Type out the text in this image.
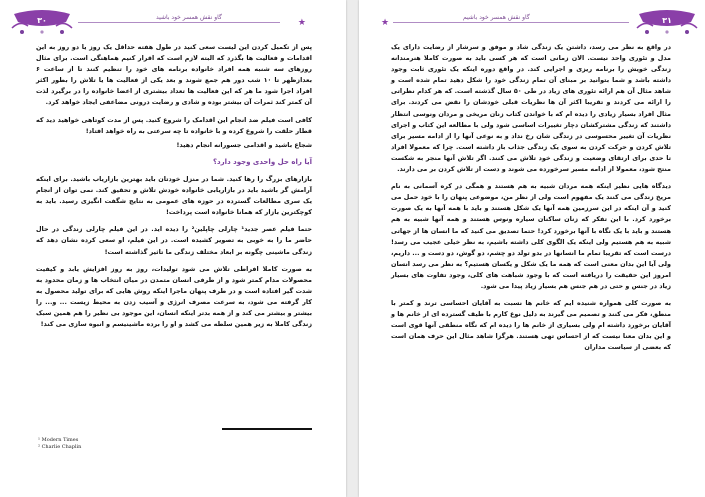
۳۰	گاو نقش همسر خود باشید
★

پس از تکمیل کردن این لیست سعی کنید در طول هفته حداقل یک روز یا دو روز به این اقدامات و فعالیت ها بگذرد که البته لازم است که اقرار کنیم هماهنگی است. برای مثال روزهای سه شنبه همه افراد خانواده برنامه های خود را تنظیم کنند تا از ساعت ۶ بعدازظهر تا ۱۰ شب دور هم جمع شوند و بعد یکی از فعالیت ها یا تلاش را بطور اکثر افراد اجرا شود ما هر که این فعالیت ها تعداد بیشتری از اعضا خانواده را در برگیرد لذت آن کمتر کند ثمرات آن بیشتر بوده و شادی و رضایت درونی مضاعفی ایجاد خواهد کرد.

کافی است فیلم ضد انجام این اقدامک را شروع کنید. پس از مدت کوتاهی خواهید دید که قطار حلقت را شروع کرده و با خانواده تا چه سرعتی به راه خواهد افتاد!

شجاع باشید و اقدامی جسورانه انجام دهید!

آیا راه حل واحدی وجود دارد؟

بازارهای بزرگ را رها کنید. شما در منزل خودتان باید بهترین بازاریاب باشید. برای اینکه آرامش گر باشید باید در بازاریابی خانواده خودش تلاش و تحقیق کند. نمی توان از انجام یک سری مطالعات گسترده در حوزه های عمومی به نتایج شگفت انگیزی رسید. باید به کوچکترین بازار که همانا خانواده است پرداخت!

حتما فیلم عصر جدید¹ چارلی چاپلین² را دیده اید. در این فیلم چارلی زندگی در حال حاضر ما را به خوبی به تصویر کشیده است. در این فیلم، او سعی کرده نشان دهد که زندگی ماشینی چگونه بر ابعاد مختلف زندگی ما تاثیر گذاشته است!

به صورت کاملا افراطی تلاش می شود تولیدات، روز به روز افزایش یابد و کیفیت محصولات مدام کمتر شود و از طرفی انسان متمدن در میان انتخاب ها و زمان محدود به شدت گیر افتاده است و در طرف پنهان ماجرا اینکه روش هایی که برای تولید محصول به کار گرفته می شود، به سرعت مصرف انرژی و آسیب زدن به محیط زیست ... و... را بیشتر و بیشتر می کند و از همه بدتر اینکه انسان، این موجود بی نظیر را هم همین سبک زندگی کاملا به زیر همین سلطه می کشد و او را برده ماشینیسم و انبوه سازی می کند!

¹ Modern Times
² Charlie Chaplin
★
گاو نقش همسر خود باشیم	۳۱

در واقع به نظر می رسد، داشتن یک زندگی شاد و موفق و سرشار از رضایت دارای یک مدل و تئوری واحد نیست. الان زمانی است که هر کسی باید به صورت کاملا هنرمندانه زندگی خویش را برنامه ریزی و اجرایی کند. در واقع دوره اینکه یک تئوری ثابت وجود داشته باشد و شما بتوانید بر مبنای آن تمام زندگی خود را شکل دهید تمام شده است و شاهد مثال آن هم ارائه تئوری های زیاد در طی ۵۰ سال گذشته است. که هر کدام نظراتی را ارائه می کردند و تقریبا اکثر آن ها نظریات قبلی خودشان را نقض می کردند. برای مثال افراد بسیار زیادی را دیده ام که با خواندن کتاب زنان مریخی و مردان ونوسی انتظار داشتند که زندگی مشترکشان دچار تغییرات اساسی شود ولی با مطالعه این کتاب و اجرای نظریات آن تغییر محسوسی در زندگی شان رخ نداد و به نوعی آنها را از ادامه مسیر برای تلاش کردن و حرکت کردن به سوی یک زندگی جذاب باز داشته است. چرا که معمولا افراد تا حدی برای ارتقای وضعیت و زندگی خود تلاش می کنند. اگر تلاش آنها منجر به شکست منتج شود، معمولا از ادامه مسیر سرخورده می شوند و دست از تلاش کردن بر می دارند.

دیدگاه هایی نظیر اینکه همه مردان شبیه به هم هستند و همگی در کره آسمانی به نام مریخ زندگی می کنند یک مفهوم است ولی از نظر من، موضوعی پنهان را با خود حمل می کنید و آن اینکه در این سرزمین همه آنها یک شکل هستند و باید با همه آنها به یک صورت برخورد کرد. با این تفکر که زنان ساکنان سیاره ونوس هستند و همه آنها شبیه به هم هستند و باید با یک نگاه با آنها برخورد کرد! حتما تصدیق می کنید که ما انسان ها از جهاتی شبیه به هم هستیم ولی اینکه یک الگوی کلی داشته باشیم، به نظر خیلی عجیب می رسد! درست است که تقریبا تمام ما انسانها در بدو تولد دو چشم، دو گوش، دو دست و ... داریم، ولی آیا این بدان معنی است که همه ما یک شکل و یکسان هستیم؟ به نظر می رسد انسان امروز این حقیقت را دریافته است که با وجود شباهت های کلی، وجود تفاوت های بسیار زیاد در جنس و حتی در هم جنس هم بسیار زیاد پیدا می شود.

به صورت کلی همواره شنیده ایم که خانم ها نسبت به آقایان احساسی ترند و کمتر با منطق، فکر می کنند و تصمیم می گیرند به دلیل نوع کارم با طیف گسترده ای از خانم ها و آقایان برخورد داشته ام ولی بسیاری از خانم ها را دیده ام که نگاه منطقی آنها قوی است و این بدان معنا نیست که از احساس تهی هستند. هرگزا شاهد مثال این حرف همان است که بعضی از سیاست مداران
